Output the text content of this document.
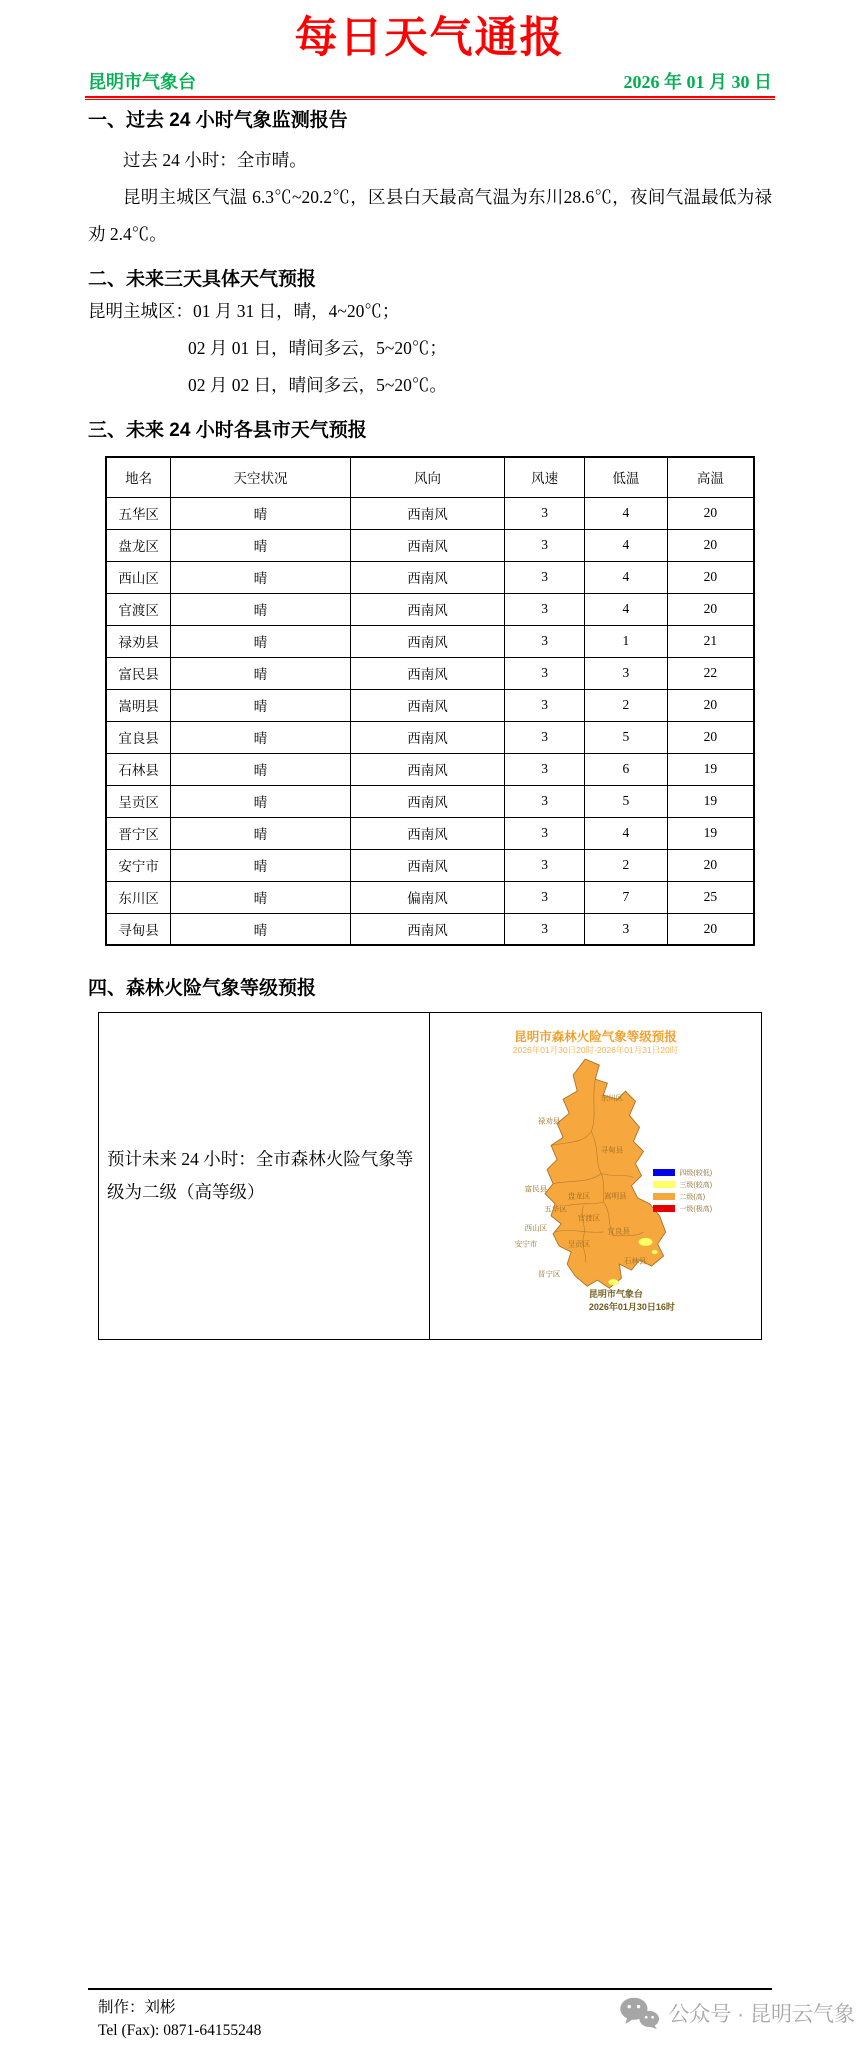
每日天气通报
昆明市气象台	2026 年 01 月 30 日
一、过去 24 小时气象监测报告

过去 24 小时：全市晴。

昆明主城区气温 6.3℃~20.2℃，区县白天最高气温为东川28.6℃，夜间气温最低为禄劝 2.4℃。

二、未来三天具体天气预报
昆明主城区：01 月 31 日，晴，4~20℃；
02 月 01 日，晴间多云，5~20℃；
02 月 02 日，晴间多云，5~20℃。
三、未来 24 小时各县市天气预报
地名	天空状况	风向	风速	低温	高温
五华区	晴	西南风	3	4	20
盘龙区	晴	西南风	3	4	20
西山区	晴	西南风	3	4	20
官渡区	晴	西南风	3	4	20
禄劝县	晴	西南风	3	1	21
富民县	晴	西南风	3	3	22
嵩明县	晴	西南风	3	2	20
宜良县	晴	西南风	3	5	20
石林县	晴	西南风	3	6	19
呈贡区	晴	西南风	3	5	19
晋宁区	晴	西南风	3	4	19
安宁市	晴	西南风	3	2	20
东川区	晴	偏南风	3	7	25
寻甸县	晴	西南风	3	3	20
四、森林火险气象等级预报
预计未来 24 小时：全市森林火险气象等级为二级（高等级）
昆明市森林火险气象等级预报
2026年01月30日20时-2026年01月31日20时
东川区
禄劝县
寻甸县
富民县
盘龙区 嵩明县
五华区
官渡区
西山区	宜良县
安宁市	呈贡区
晋宁区
石林县
四级(较低)
三级(较高)
二级(高)
一级(极高)
昆明市气象台
2026年01月30日16时
制作：刘彬
Tel (Fax): 0871-64155248
公众号 · 昆明云气象
